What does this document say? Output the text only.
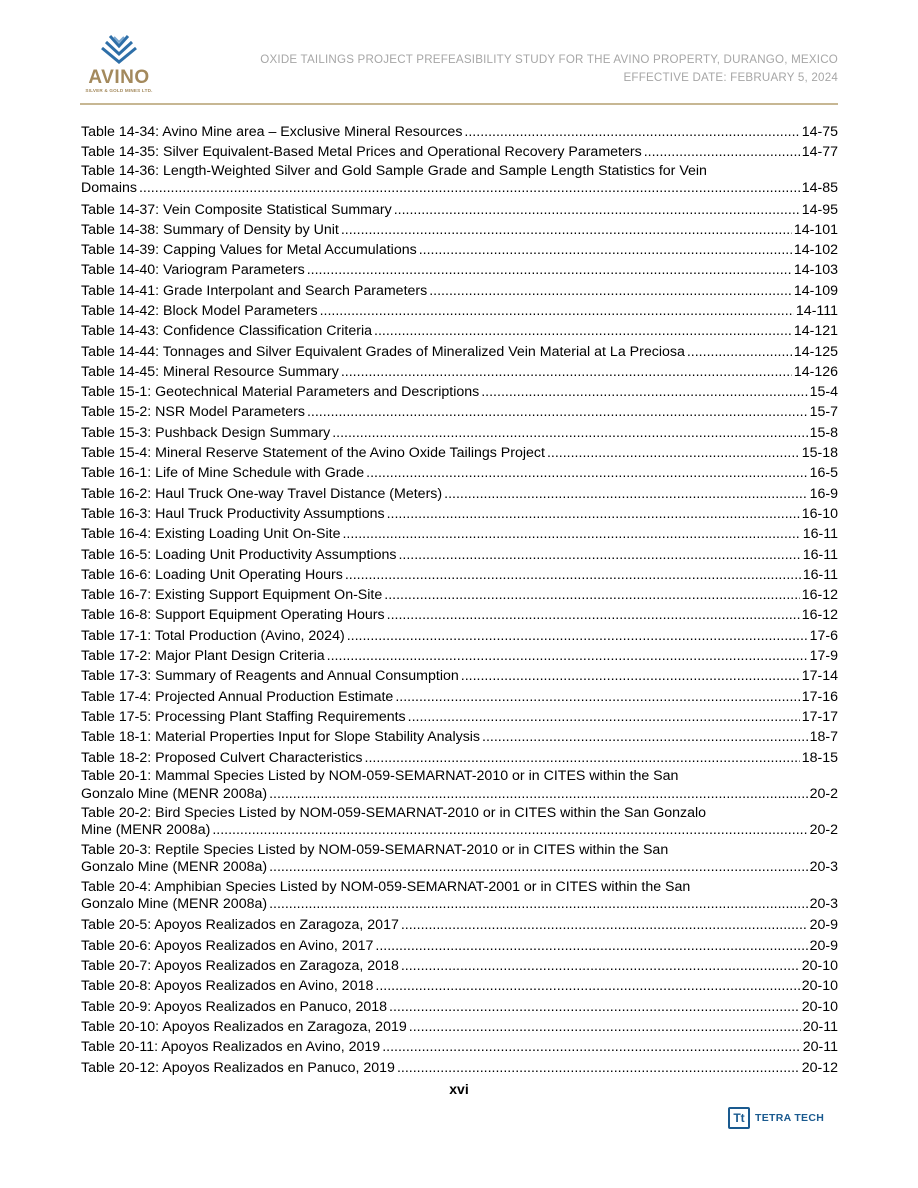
AVINO
SILVER & GOLD MINES LTD.
OXIDE TAILINGS PROJECT PREFEASIBILITY STUDY FOR THE AVINO PROPERTY, DURANGO, MEXICO
EFFECTIVE DATE: FEBRUARY 5, 2024
Table 14-34: Avino Mine area – Exclusive Mineral Resources .....	14-75
Table 14-35: Silver Equivalent-Based Metal Prices and Operational Recovery Parameters .....	14-77
Table 14-36: Length-Weighted Silver and Gold Sample Grade and Sample Length Statistics for Vein
Domains .....	14-85
Table 14-37: Vein Composite Statistical Summary .....	14-95
Table 14-38: Summary of Density by Unit .....	14-101
Table 14-39: Capping Values for Metal Accumulations .....	14-102
Table 14-40: Variogram Parameters .....	14-103
Table 14-41: Grade Interpolant and Search Parameters .....	14-109
Table 14-42: Block Model Parameters .....	14-111
Table 14-43: Confidence Classification Criteria .....	14-121
Table 14-44: Tonnages and Silver Equivalent Grades of Mineralized Vein Material at La Preciosa .....	14-125
Table 14-45: Mineral Resource Summary .....	14-126
Table 15-1: Geotechnical Material Parameters and Descriptions .....	15-4
Table 15-2: NSR Model Parameters .....	15-7
Table 15-3: Pushback Design Summary .....	15-8
Table 15-4: Mineral Reserve Statement of the Avino Oxide Tailings Project .....	15-18
Table 16-1: Life of Mine Schedule with Grade .....	16-5
Table 16-2: Haul Truck One-way Travel Distance (Meters) .....	16-9
Table 16-3: Haul Truck Productivity Assumptions .....	16-10
Table 16-4: Existing Loading Unit On-Site .....	16-11
Table 16-5: Loading Unit Productivity Assumptions .....	16-11
Table 16-6: Loading Unit Operating Hours .....	16-11
Table 16-7: Existing Support Equipment On-Site .....	16-12
Table 16-8: Support Equipment Operating Hours .....	16-12
Table 17-1: Total Production (Avino, 2024) .....	17-6
Table 17-2: Major Plant Design Criteria .....	17-9
Table 17-3: Summary of Reagents and Annual Consumption .....	17-14
Table 17-4: Projected Annual Production Estimate .....	17-16
Table 17-5: Processing Plant Staffing Requirements .....	17-17
Table 18-1: Material Properties Input for Slope Stability Analysis .....	18-7
Table 18-2: Proposed Culvert Characteristics .....	18-15
Table 20-1: Mammal Species Listed by NOM-059-SEMARNAT-2010 or in CITES within the San
Gonzalo Mine (MENR 2008a) .....	20-2
Table 20-2: Bird Species Listed by NOM-059-SEMARNAT-2010 or in CITES within the San Gonzalo
Mine (MENR 2008a) .....	20-2
Table 20-3: Reptile Species Listed by NOM-059-SEMARNAT-2010 or in CITES within the San
Gonzalo Mine (MENR 2008a) .....	20-3
Table 20-4: Amphibian Species Listed by NOM-059-SEMARNAT-2001 or in CITES within the San
Gonzalo Mine (MENR 2008a) .....	20-3
Table 20-5: Apoyos Realizados en Zaragoza, 2017 .....	20-9
Table 20-6: Apoyos Realizados en Avino, 2017 .....	20-9
Table 20-7: Apoyos Realizados en Zaragoza, 2018 .....	20-10
Table 20-8: Apoyos Realizados en Avino, 2018 .....	20-10
Table 20-9: Apoyos Realizados en Panuco, 2018 .....	20-10
Table 20-10: Apoyos Realizados en Zaragoza, 2019 .....	20-11
Table 20-11: Apoyos Realizados en Avino, 2019 .....	20-11
Table 20-12: Apoyos Realizados en Panuco, 2019 .....	20-12
xvi
Tt TETRA TECH
